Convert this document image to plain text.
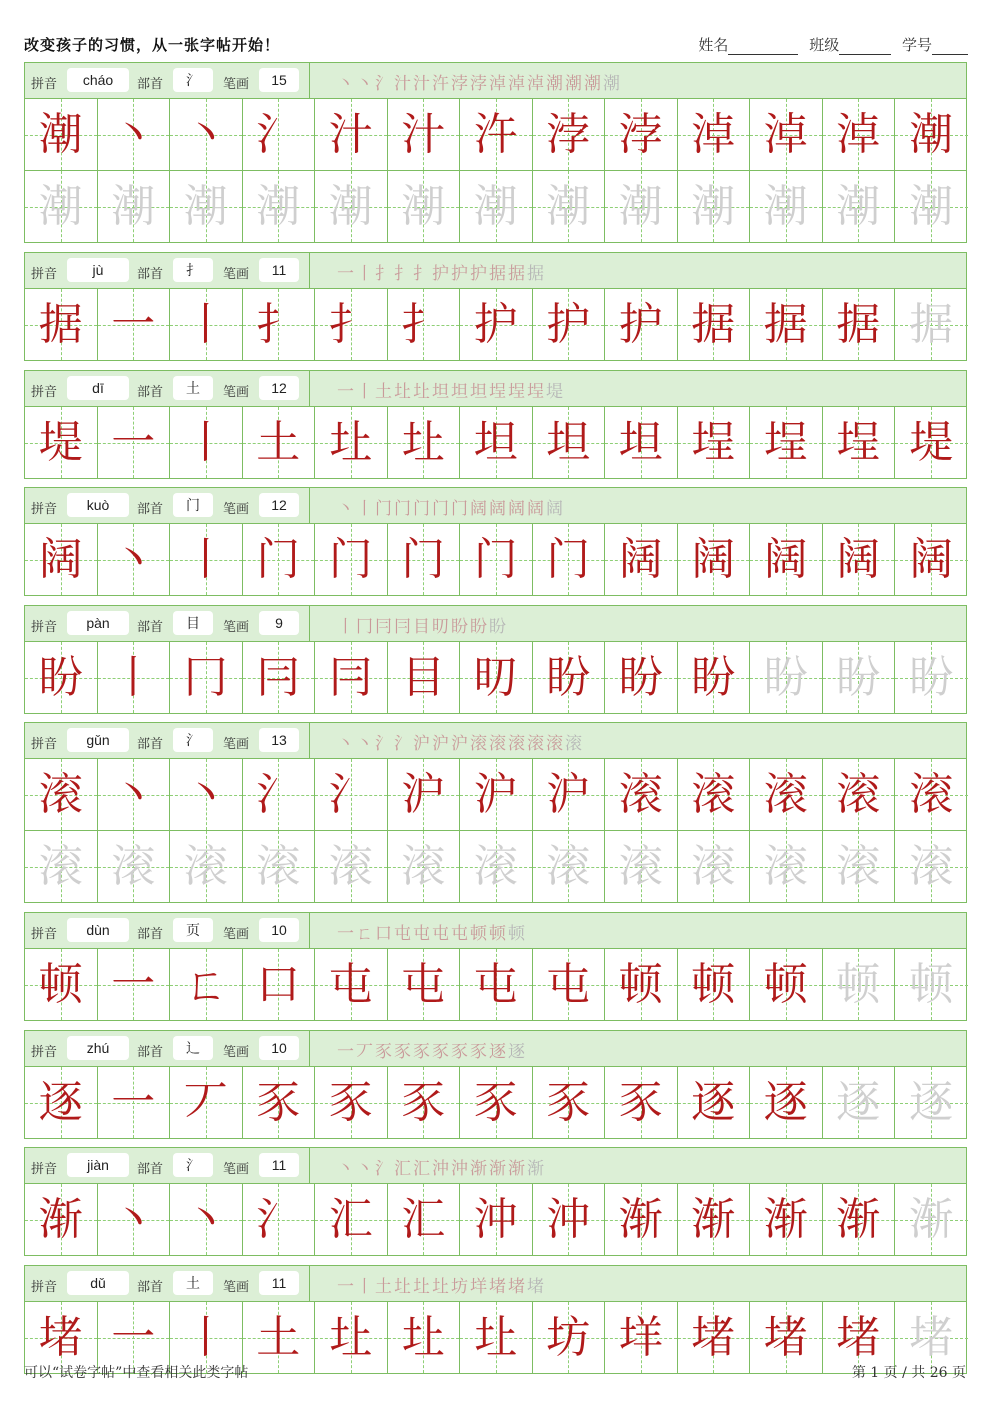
改变孩子的习惯，从一张字帖开始！	姓名	班级	学号
拼音	cháo	部首	氵	笔画	15	丶丶氵汁汁汻浡浡淖淖淖潮潮潮潮
潮 丶 丶 氵 汁 汁 汻 浡 浡 淖 淖 淖 潮
潮 潮 潮 潮 潮 潮 潮 潮 潮 潮 潮 潮 潮
拼音	jù	部首	扌	笔画	11	一丨扌扌扌护护护据据据
据 一 丨 扌 扌 扌 护 护 护 据 据 据 据
拼音	dī	部首	土	笔画	12	一丨土圵圵坦坦坦埕埕埕堤
堤 一 丨 土 圵 圵 坦 坦 坦 埕 埕 埕 堤
拼音	kuò	部首	门	笔画	12	丶丨门门门门门阔阔阔阔阔
阔 丶 丨 门 门 门 门 门 阔 阔 阔 阔 阔
拼音	pàn	部首	目	笔画	9	丨冂冃冃目旫盼盼盼
盼 丨 冂 冃 冃 目 旫 盼 盼 盼 盼 盼 盼
拼音	gǔn	部首	氵	笔画	13	丶丶氵氵沪沪沪滚滚滚滚滚滚
滚 丶 丶 氵 氵 沪 沪 沪 滚 滚 滚 滚 滚
滚 滚 滚 滚 滚 滚 滚 滚 滚 滚 滚 滚 滚
拼音	dùn	部首	页	笔画	10	一ㄈ口屯屯屯屯顿顿顿
顿 一 ㄈ 口 屯 屯 屯 屯 顿 顿 顿 顿 顿
拼音	zhú	部首	辶	笔画	10	一丆豕豕豕豕豕豕逐逐
逐 一 丆 豕 豕 豕 豕 豕 豕 逐 逐 逐 逐
拼音	jiàn	部首	氵	笔画	11	丶丶氵汇汇沖沖渐渐渐渐
渐 丶 丶 氵 汇 汇 沖 沖 渐 渐 渐 渐 渐
拼音	dǔ	部首	土	笔画	11	一丨土圵圵圵坊垟堵堵堵
堵 一 丨 土 圵 圵 圵 坊 垟 堵 堵 堵 堵
可以“试卷字帖”中查看相关此类字帖	第 1 页 / 共 26 页
